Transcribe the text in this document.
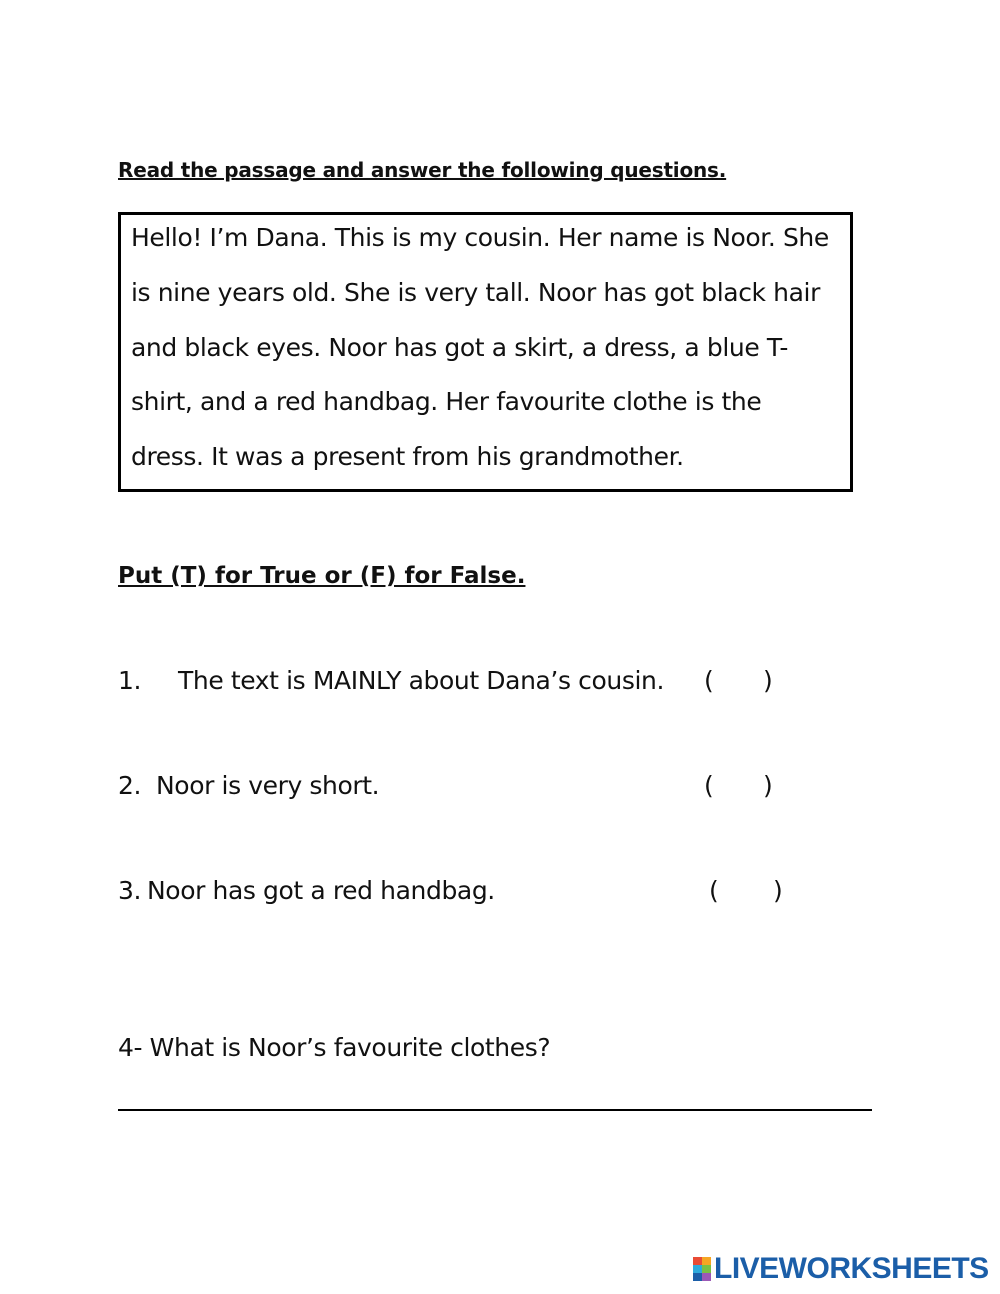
Read the passage and answer the following questions.
Hello! I’m Dana. This is my cousin. Her name is Noor. She
is nine years old. She is very tall. Noor has got black hair
and black eyes. Noor has got a skirt, a dress, a blue T-
shirt, and a red handbag. Her favourite clothe is the
dress. It was a present from his grandmother.
Put (T) for True or (F) for False.
1. The text is MAINLY about Dana’s cousin. ( )
2. Noor is very short.	( )
3. Noor has got a red handbag.	( )
4- What is Noor’s favourite clothes?
LIVEWORKSHEETS
